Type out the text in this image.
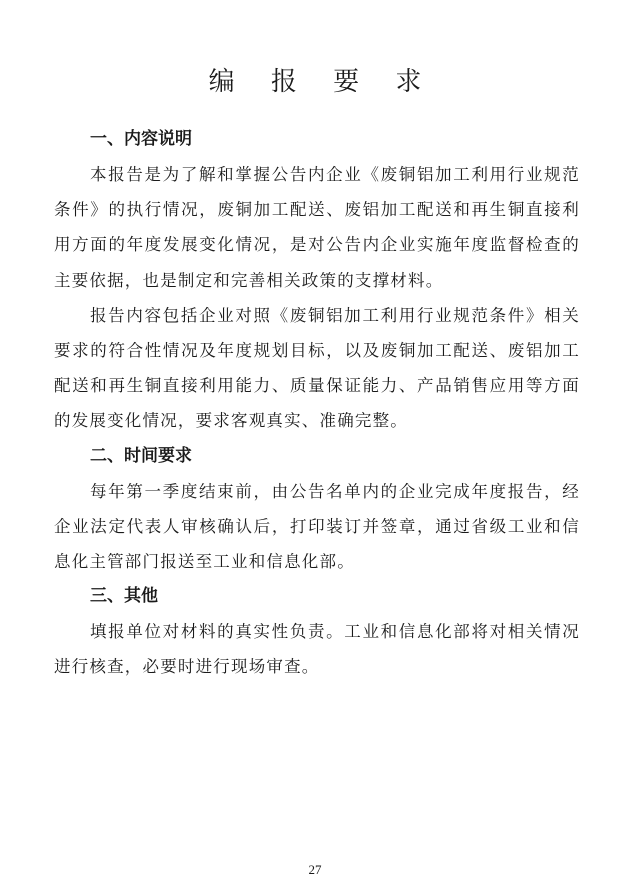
编 报 要 求
一、内容说明

本报告是为了解和掌握公告内企业《废铜铝加工利用行业规范条件》的执行情况，废铜加工配送、废铝加工配送和再生铜直接利用方面的年度发展变化情况，是对公告内企业实施年度监督检查的主要依据，也是制定和完善相关政策的支撑材料。

报告内容包括企业对照《废铜铝加工利用行业规范条件》相关要求的符合性情况及年度规划目标，以及废铜加工配送、废铝加工配送和再生铜直接利用能力、质量保证能力、产品销售应用等方面的发展变化情况，要求客观真实、准确完整。

二、时间要求

每年第一季度结束前，由公告名单内的企业完成年度报告，经企业法定代表人审核确认后，打印装订并签章，通过省级工业和信息化主管部门报送至工业和信息化部。

三、其他

填报单位对材料的真实性负责。工业和信息化部将对相关情况进行核查，必要时进行现场审查。

27
